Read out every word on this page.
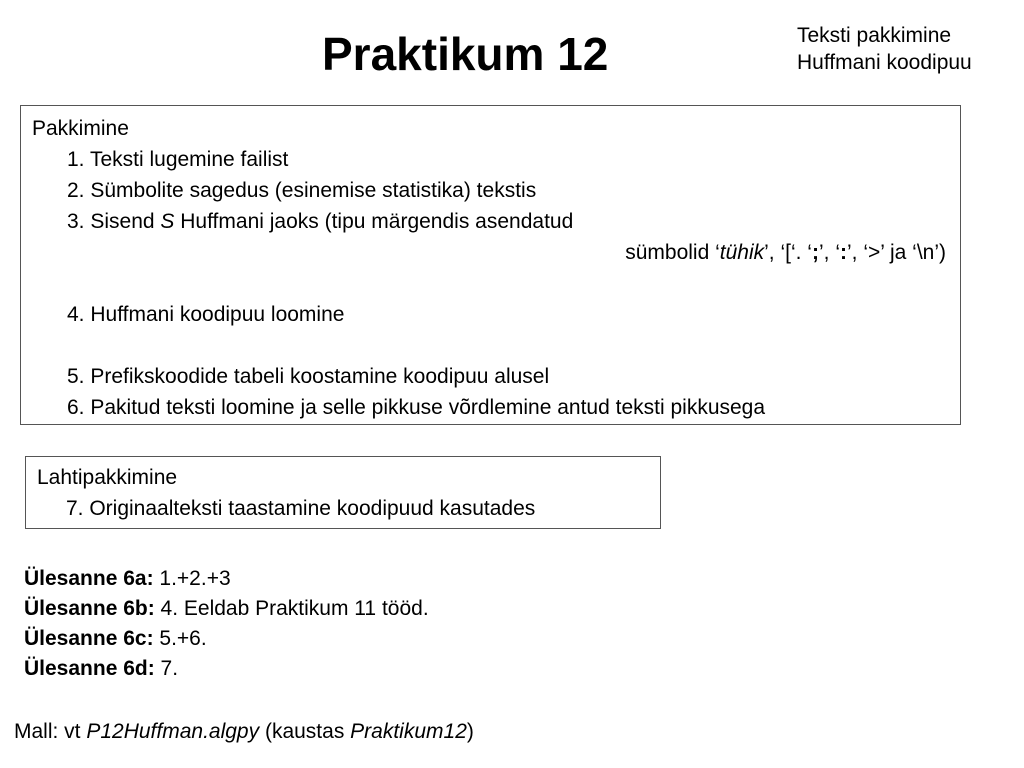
Praktikum 12	Teksti pakkimine
Huffmani koodipuu
Pakkimine
1. Teksti lugemine failist
2. Sümbolite sagedus (esinemise statistika) tekstis
3. Sisend S Huffmani jaoks (tipu märgendis asendatud
sümbolid ‘tühik’, ‘[‘. ‘;’, ‘:’, ‘>’ ja ‘\n’)
4. Huffmani koodipuu loomine
5. Prefikskoodide tabeli koostamine koodipuu alusel
6. Pakitud teksti loomine ja selle pikkuse võrdlemine antud teksti pikkusega
Lahtipakkimine
7. Originaalteksti taastamine koodipuud kasutades
Ülesanne 6a: 1.+2.+3
Ülesanne 6b: 4. Eeldab Praktikum 11 tööd.
Ülesanne 6c: 5.+6.
Ülesanne 6d: 7.
Mall: vt P12Huffman.algpy (kaustas Praktikum12)
